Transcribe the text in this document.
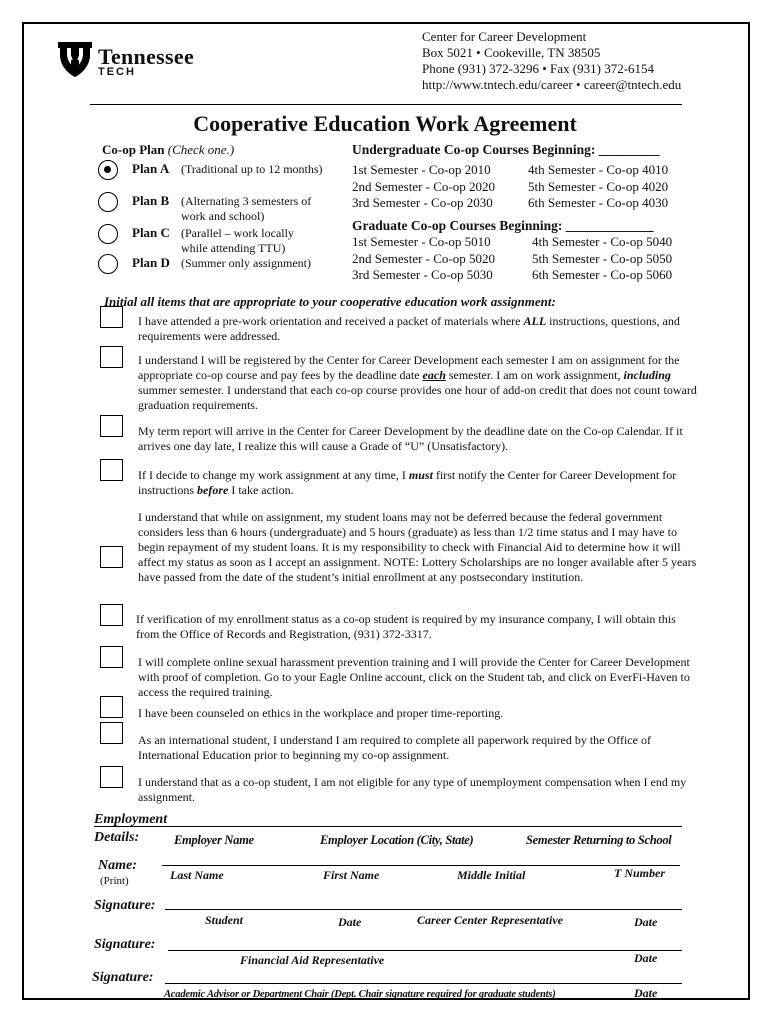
Tennessee
TECH
Center for Career Development
Box 5021 • Cookeville, TN 38505
Phone (931) 372-3296 • Fax (931) 372-6154
http://www.tntech.edu/career • career@tntech.edu
Cooperative Education Work Agreement
Co-op Plan (Check one.)
Plan A (Traditional up to 12 months)
Plan B (Alternating 3 semesters of work and school)
Plan C (Parallel – work locally while attending TTU)
Plan D (Summer only assignment)
Undergraduate Co-op Courses Beginning: _________
1st Semester - Co-op 2010
2nd Semester - Co-op 2020
3rd Semester - Co-op 2030
4th Semester - Co-op 4010
5th Semester - Co-op 4020
6th Semester - Co-op 4030
Graduate Co-op Courses Beginning: _____________
1st Semester - Co-op 5010
2nd Semester - Co-op 5020
3rd Semester - Co-op 5030
4th Semester - Co-op 5040
5th Semester - Co-op 5050
6th Semester - Co-op 5060
Initial all items that are appropriate to your cooperative education work assignment:
I have attended a pre-work orientation and received a packet of materials where ALL instructions, questions, and requirements were addressed.
I understand I will be registered by the Center for Career Development each semester I am on assignment for the appropriate co-op course and pay fees by the deadline date each semester. I am on work assignment, including summer semester. I understand that each co-op course provides one hour of add-on credit that does not count toward graduation requirements.
My term report will arrive in the Center for Career Development by the deadline date on the Co-op Calendar. If it arrives one day late, I realize this will cause a Grade of “U” (Unsatisfactory).
If I decide to change my work assignment at any time, I must first notify the Center for Career Development for instructions before I take action.
I understand that while on assignment, my student loans may not be deferred because the federal government considers less than 6 hours (undergraduate) and 5 hours (graduate) as less than 1/2 time status and I may have to begin repayment of my student loans. It is my responsibility to check with Financial Aid to determine how it will affect my status as soon as I accept an assignment. NOTE: Lottery Scholarships are no longer available after 5 years have passed from the date of the student’s initial enrollment at any postsecondary institution.
If verification of my enrollment status as a co-op student is required by my insurance company, I will obtain this from the Office of Records and Registration, (931) 372-3317.
I will complete online sexual harassment prevention training and I will provide the Center for Career Development with proof of completion. Go to your Eagle Online account, click on the Student tab, and click on EverFi-Haven to access the required training.
I have been counseled on ethics in the workplace and proper time-reporting.
As an international student, I understand I am required to complete all paperwork required by the Office of International Education prior to beginning my co-op assignment.
I understand that as a co-op student, I am not eligible for any type of unemployment compensation when I end my assignment.
Employment
Details:	Employer Name	Employer Location (City, State)	Semester Returning to School
Name:
(Print)	Last Name	First Name	Middle Initial	T Number
Signature:
Student	Date	Career Center Representative	Date
Signature:
Financial Aid Representative	Date
Signature:
Academic Advisor or Department Chair (Dept. Chair signature required for graduate students)	Date
